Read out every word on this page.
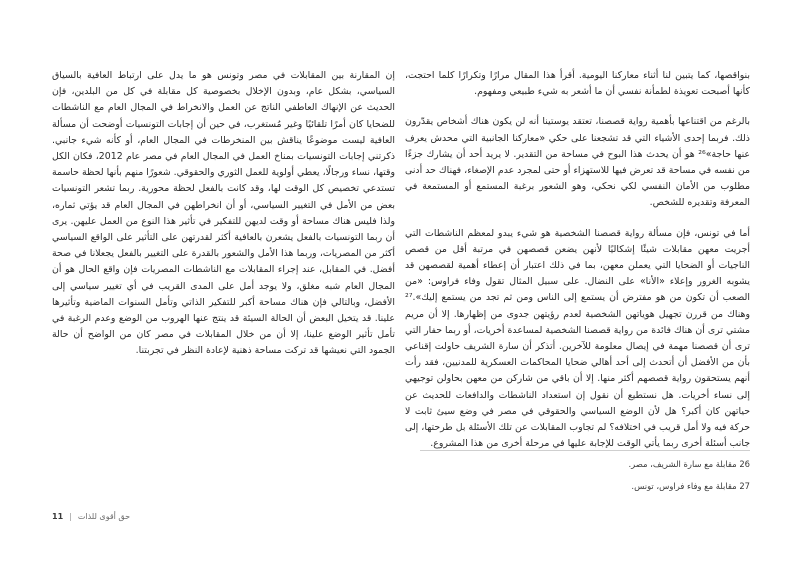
بنواقصها، كما يتبين لنا أثناء معاركنا اليومية. أقرأ هذا المقال مرارًا وتكرارًا كلما احتجت، كأنها أصبحت تعويذة لطمأنة نفسي أن ما أشعر به شيء طبيعي ومفهوم.

بالرغم من اقتناعها بأهمية رواية قصصنا، تعتقد يوستينا أنه لن يكون هناك أشخاص يقدّرون ذلك. فربما إحدى الأشياء التي قد تشجعنا على حكي «معاركنا الجانبية التي محدش يعرف عنها حاجة»²⁶ هو أن يحدث هذا البوح في مساحة من التقدير. لا يريد أحد أن يشارك جزءًا من نفسه في مساحة قد تعرض فيها للاستهزاء أو حتى لمجرد عدم الإصغاء، فهناك حد أدنى مطلوب من الأمان النفسي لكي نحكي، وهو الشعور برغبة المستمع أو المستمعة في المعرفة وتقديره للشخص.

أما في تونس، فإن مسألة رواية قصصنا الشخصية هو شيء يبدو لمعظم الناشطات التي أجريت معهن مقابلات شيئًا إشكاليًا لأنهن يضعن قصصهن في مرتبة أقل من قصص الناجيات أو الضحايا التي يعملن معهن، بما في ذلك اعتبار أن إعطاء أهمية لقصصهن قد يشوبه الغرور وإعلاء «الأنا» على النضال. على سبيل المثال تقول وفاء فراوس: «من الصعب أن تكون من هو مفترض أن يستمع إلى الناس ومن ثم تجد من يستمع إليك».²⁷ وهناك من قررن تجهيل هوياتهن الشخصية لعدم رؤيتهن جدوى من إظهارها. إلا أن مريم مشتي ترى أن هناك فائدة من رواية قصصنا الشخصية لمساعدة أخريات، أو ربما حفار التي ترى أن قصصنا مهمة في إيصال معلومة للآخرين. أتذكر أن سارة الشريف حاولت إقناعي بأن من الأفضل أن أتحدث إلى أحد أهالي ضحايا المحاكمات العسكرية للمدنيين، فقد رأت أنهم يستحقون رواية قصصهم أكثر منها. إلا أن باقي من شاركن من معهن بحاولن توجيهي إلى نساء أخريات. هل نستطيع أن نقول إن استعداد الناشطات والدافعات للحديث عن حياتهن كان أكبر؟ هل لأن الوضع السياسي والحقوقي في مصر في وضع سيئ ثابت لا حركة فيه ولا أمل قريب في اختلافه؟ لم تجاوب المقابلات عن تلك الأسئلة بل طرحتها، إلى جانب أسئلة أخرى ربما يأتي الوقت للإجابة عليها في مرحلة أخرى من هذا المشروع.

إن المقارنة بين المقابلات في مصر وتونس هو ما يدل على ارتباط العافية بالسياق السياسي، بشكل عام، وبدون الإخلال بخصوصية كل مقابلة في كل من البلدين، فإن الحديث عن الإنهاك العاطفي الناتج عن العمل والانخراط في المجال العام مع الناشطات للضحايا كان أمرًا تلقائيًا وغير مُستغرب، في حين أن إجابات التونسيات أوضحت أن مسألة العافية ليست موضوعًا يناقش بين المنخرطات في المجال العام، أو كأنه شيء جانبي. ذكرتني إجابات التونسيات بمناخ العمل في المجال العام في مصر عام 2012، فكان الكل وقتها، نساء ورجالًا، يعطي أولوية للعمل الثوري والحقوقي. شعورًا منهم بأنها لحظة حاسمة تستدعي تخصيص كل الوقت لها، وقد كانت بالفعل لحظة محورية. ربما تشعر التونسيات بعض من الأمل في التغيير السياسي، أو أن انخراطهن في المجال العام قد يؤتي ثماره، ولذا فليس هناك مساحة أو وقت لديهن للتفكير في تأثير هذا النوع من العمل عليهن. يرى أن ربما التونسيات بالفعل يشعرن بالعافية أكثر لقدرتهن على التأثير على الواقع السياسي أكثر من المصريات، وربما هذا الأمل والشعور بالقدرة على التغيير بالفعل يجعلانا في صحة أفضل. في المقابل، عند إجراء المقابلات مع الناشطات المصريات فإن واقع الحال هو أن المجال العام شبه مغلق، ولا يوجد أمل على المدى القريب في أي تغيير سياسي إلى الأفضل، وبالتالي فإن هناك مساحة أكبر للتفكير الذاتي وتأمل السنوات الماضية وتأثيرها علينا. قد يتخيل البعض أن الحالة السيئة قد ينتج عنها الهروب من الوضع وعدم الرغبة في تأمل تأثير الوضع علينا، إلا أن من خلال المقابلات في مصر كان من الواضح أن حالة الجمود التي نعيشها قد تركت مساحة ذهنية لإعادة النظر في تجربتنا.

26 مقابلة مع سارة الشريف، مصر.
27 مقابلة مع وفاء فراوس، تونس.
حق أقوى للذات
|
11
